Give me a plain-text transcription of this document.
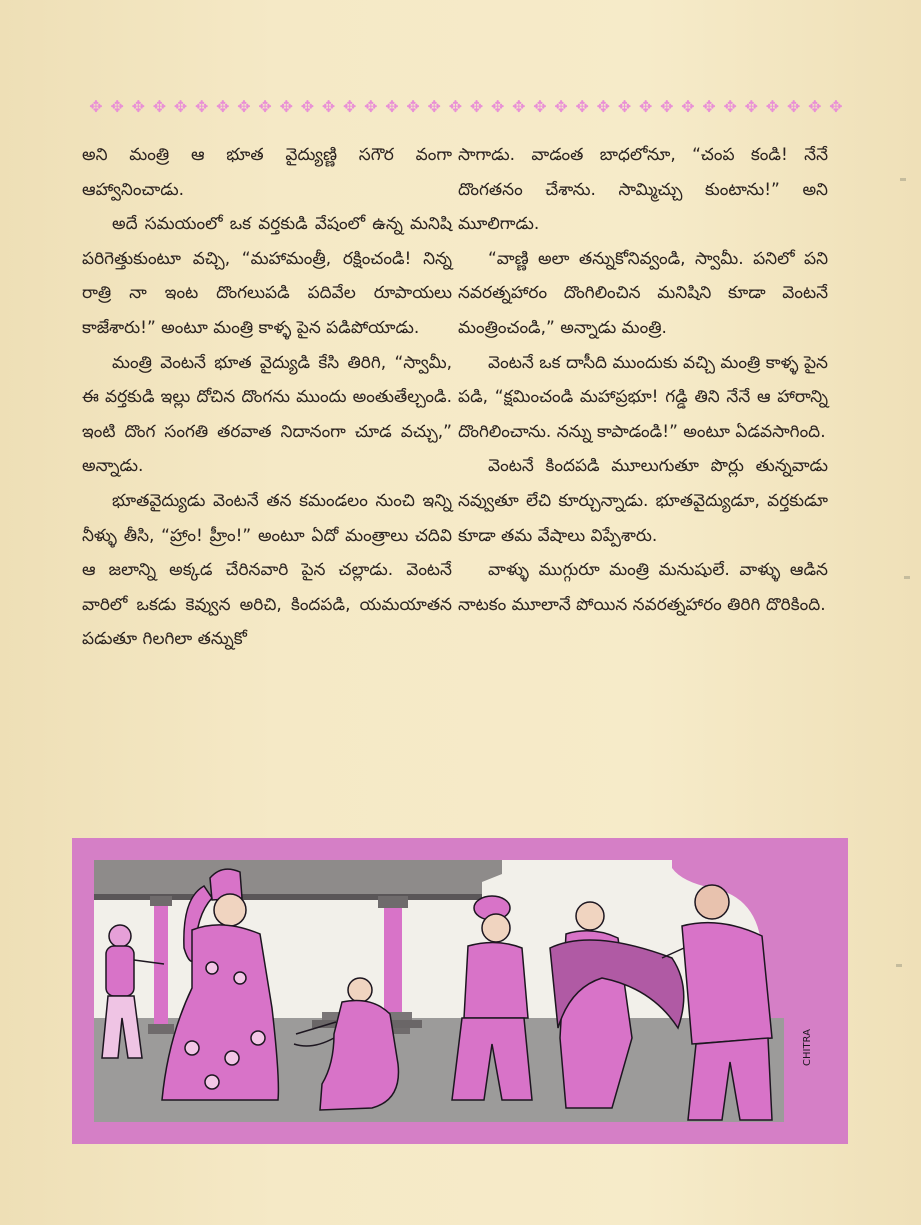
✥ ✥ ✥ ✥ ✥ ✥ ✥ ✥ ✥ ✥ ✥ ✥ ✥ ✥ ✥ ✥ ✥ ✥ ✥ ✥ ✥ ✥ ✥ ✥ ✥ ✥ ✥ ✥ ✥ ✥ ✥ ✥ ✥ ✥ ✥ ✥

అని మంత్రి ఆ భూత వైద్యుణ్ణి సగౌర వంగా ఆహ్వానించాడు.

అదే సమయంలో ఒక వర్తకుడి వేషంలో ఉన్న మనిషి పరిగెత్తుకుంటూ వచ్చి, “మహామంత్రీ, రక్షించండి! నిన్న రాత్రి నా ఇంట దొంగలుపడి పదివేల రూపాయలు కాజేశారు!” అంటూ మంత్రి కాళ్ళ పైన పడిపోయాడు.

మంత్రి వెంటనే భూత వైద్యుడి కేసి తిరిగి, “స్వామీ, ఈ వర్తకుడి ఇల్లు దోచిన దొంగను ముందు అంతుతేల్చండి. ఇంటి దొంగ సంగతి తరవాత నిదానంగా చూడ వచ్చు,” అన్నాడు.

భూతవైద్యుడు వెంటనే తన కమండలం నుంచి ఇన్ని నీళ్ళు తీసి, “హ్రాం! హ్రీం!” అంటూ ఏదో మంత్రాలు చదివి ఆ జలాన్ని అక్కడ చేరినవారి పైన చల్లాడు. వెంటనే వారిలో ఒకడు కెవ్వున అరిచి, కిందపడి, యమయాతన పడుతూ గిలగిలా తన్నుకో

సాగాడు. వాడంత బాధలోనూ, “చంప కండి! నేనే దొంగతనం చేశాను. సామ్మిచ్చు కుంటాను!” అని మూలిగాడు.

“వాణ్ణి అలా తన్నుకోనివ్వండి, స్వామీ. పనిలో పని నవరత్నహారం దొంగిలించిన మనిషిని కూడా వెంటనే మంత్రించండి,” అన్నాడు మంత్రి.

వెంటనే ఒక దాసీది ముందుకు వచ్చి మంత్రి కాళ్ళ పైన పడి, “క్షమించండి మహాప్రభూ! గడ్డి తిని నేనే ఆ హారాన్ని దొంగిలించాను. నన్ను కాపాడండి!” అంటూ ఏడవసాగింది.

వెంటనే కిందపడి మూలుగుతూ పొర్లు తున్నవాడు నవ్వుతూ లేచి కూర్చున్నాడు. భూతవైద్యుడూ, వర్తకుడూ కూడా తమ వేషాలు విప్పేశారు.

వాళ్ళు ముగ్గురూ మంత్రి మనుషులే. వాళ్ళు ఆడిన నాటకం మూలానే పోయిన నవరత్నహారం తిరిగి దొరికింది.

CHITRA
